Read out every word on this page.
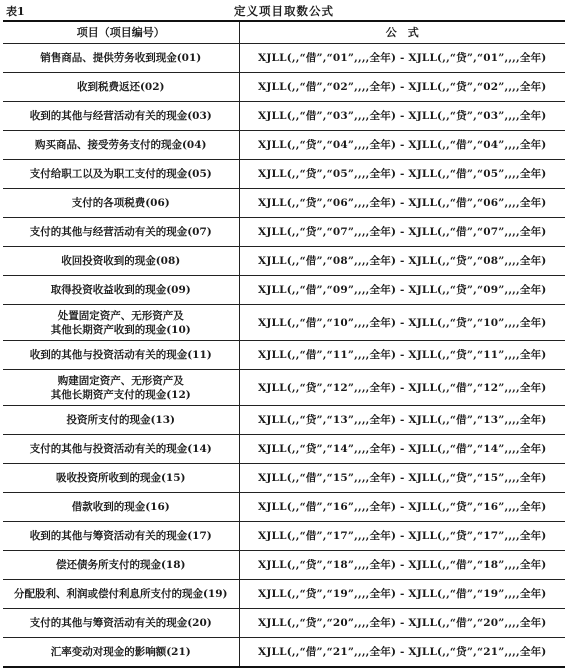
表1	定义项目取数公式
项目（项目编号）	公　式

销售商品、提供劳务收到现金(01)	XJLL(,,“借”,“01”,,,,全年) - XJLL(,,“贷”,“01”,,,,全年)

收到税费返还(02)	XJLL(,,“借”,“02”,,,,全年) - XJLL(,,“贷”,“02”,,,,全年)

收到的其他与经营活动有关的现金(03)	XJLL(,,“借”,“03”,,,,全年) - XJLL(,,“贷”,“03”,,,,全年)

购买商品、接受劳务支付的现金(04)	XJLL(,,“贷”,“04”,,,,全年) - XJLL(,,“借”,“04”,,,,全年)

支付给职工以及为职工支付的现金(05)	XJLL(,,“贷”,“05”,,,,全年) - XJLL(,,“借”,“05”,,,,全年)

支付的各项税费(06)	XJLL(,,“贷”,“06”,,,,全年) - XJLL(,,“借”,“06”,,,,全年)

支付的其他与经营活动有关的现金(07)	XJLL(,,“贷”,“07”,,,,全年) - XJLL(,,“借”,“07”,,,,全年)

收回投资收到的现金(08)	XJLL(,,“借”,“08”,,,,全年) - XJLL(,,“贷”,“08”,,,,全年)

取得投资收益收到的现金(09)	XJLL(,,“借”,“09”,,,,全年) - XJLL(,,“贷”,“09”,,,,全年)

处置固定资产、无形资产及
其他长期资产收到的现金(10)	XJLL(,,“借”,“10”,,,,全年) - XJLL(,,“贷”,“10”,,,,全年)

收到的其他与投资活动有关的现金(11)	XJLL(,,“借”,“11”,,,,全年) - XJLL(,,“贷”,“11”,,,,全年)

购建固定资产、无形资产及
其他长期资产支付的现金(12)	XJLL(,,“贷”,“12”,,,,全年) - XJLL(,,“借”,“12”,,,,全年)

投资所支付的现金(13)	XJLL(,,“贷”,“13”,,,,全年) - XJLL(,,“借”,“13”,,,,全年)

支付的其他与投资活动有关的现金(14)	XJLL(,,“贷”,“14”,,,,全年) - XJLL(,,“借”,“14”,,,,全年)

吸收投资所收到的现金(15)	XJLL(,,“借”,“15”,,,,全年) - XJLL(,,“贷”,“15”,,,,全年)

借款收到的现金(16)	XJLL(,,“借”,“16”,,,,全年) - XJLL(,,“贷”,“16”,,,,全年)

收到的其他与筹资活动有关的现金(17)	XJLL(,,“借”,“17”,,,,全年) - XJLL(,,“贷”,“17”,,,,全年)

偿还债务所支付的现金(18)	XJLL(,,“贷”,“18”,,,,全年) - XJLL(,,“借”,“18”,,,,全年)

分配股利、利润或偿付利息所支付的现金(19)	XJLL(,,“贷”,“19”,,,,全年) - XJLL(,,“借”,“19”,,,,全年)

支付的其他与筹资活动有关的现金(20)	XJLL(,,“贷”,“20”,,,,全年) - XJLL(,,“借”,“20”,,,,全年)

汇率变动对现金的影响额(21)	XJLL(,,“借”,“21”,,,,全年) - XJLL(,,“贷”,“21”,,,,全年)
